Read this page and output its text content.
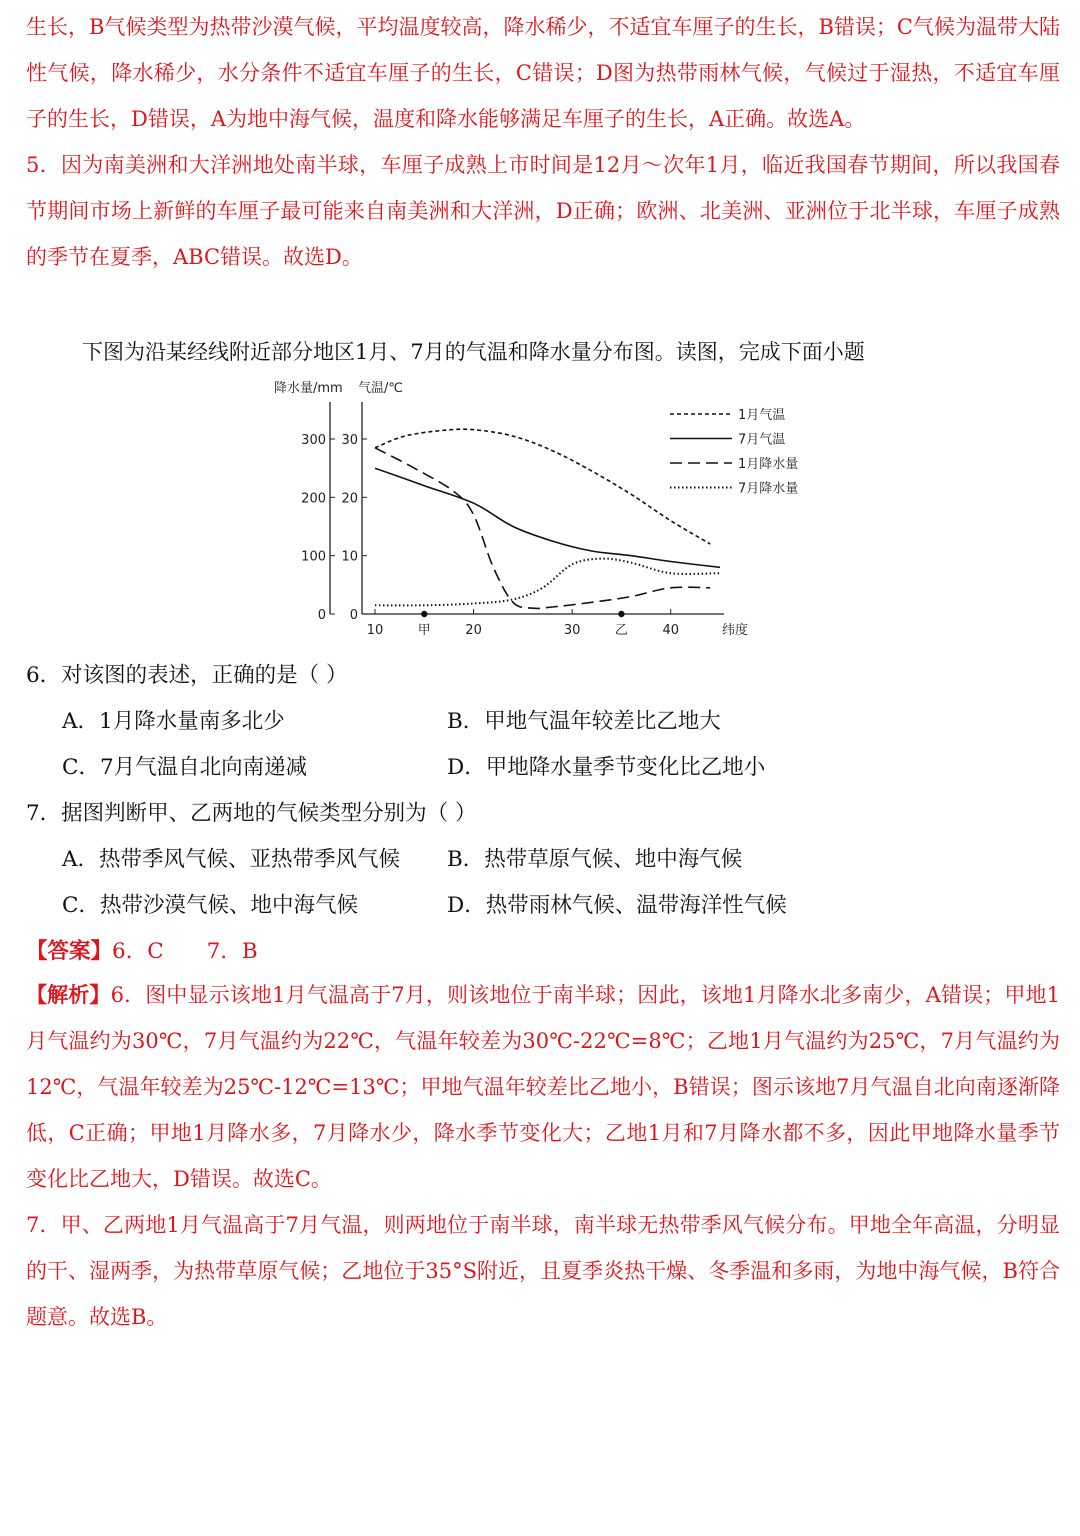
生长，B气候类型为热带沙漠气候，平均温度较高，降水稀少，不适宜车厘子的生长，B错误；C气候为温带大陆性气候，降水稀少，水分条件不适宜车厘子的生长，C错误；D图为热带雨林气候，气候过于湿热，不适宜车厘子的生长，D错误，A为地中海气候，温度和降水能够满足车厘子的生长，A正确。故选A。

5．因为南美洲和大洋洲地处南半球，车厘子成熟上市时间是12月～次年1月，临近我国春节期间，所以我国春节期间市场上新鲜的车厘子最可能来自南美洲和大洋洲，D正确；欧洲、北美洲、亚洲位于北半球，车厘子成熟的季节在夏季，ABC错误。故选D。

下图为沿某经线附近部分地区1月、7月的气温和降水量分布图。读图，完成下面小题

降水量/mm 气温/℃
0
100
200
300
0
10
20
30
10	20	30	40	纬度
甲	乙
1月气温
7月气温
1月降水量
7月降水量

6．对该图的表述，正确的是（ ）

A．1月降水量南多北少	B．甲地气温年较差比乙地大

C．7月气温自北向南递减	D．甲地降水量季节变化比乙地小

7．据图判断甲、乙两地的气候类型分别为（ ）

A．热带季风气候、亚热带季风气候 B．热带草原气候、地中海气候

C．热带沙漠气候、地中海气候	D．热带雨林气候、温带海洋性气候

【答案】6．C　　7．B

【解析】6．图中显示该地1月气温高于7月，则该地位于南半球；因此，该地1月降水北多南少，A错误；甲地1月气温约为30℃，7月气温约为22℃，气温年较差为30℃-22℃=8℃；乙地1月气温约为25℃，7月气温约为12℃，气温年较差为25℃-12℃=13℃；甲地气温年较差比乙地小，B错误；图示该地7月气温自北向南逐渐降低，C正确；甲地1月降水多，7月降水少，降水季节变化大；乙地1月和7月降水都不多，因此甲地降水量季节变化比乙地大，D错误。故选C。

7．甲、乙两地1月气温高于7月气温，则两地位于南半球，南半球无热带季风气候分布。甲地全年高温，分明显的干、湿两季，为热带草原气候；乙地位于35°S附近，且夏季炎热干燥、冬季温和多雨，为地中海气候，B符合题意。故选B。
